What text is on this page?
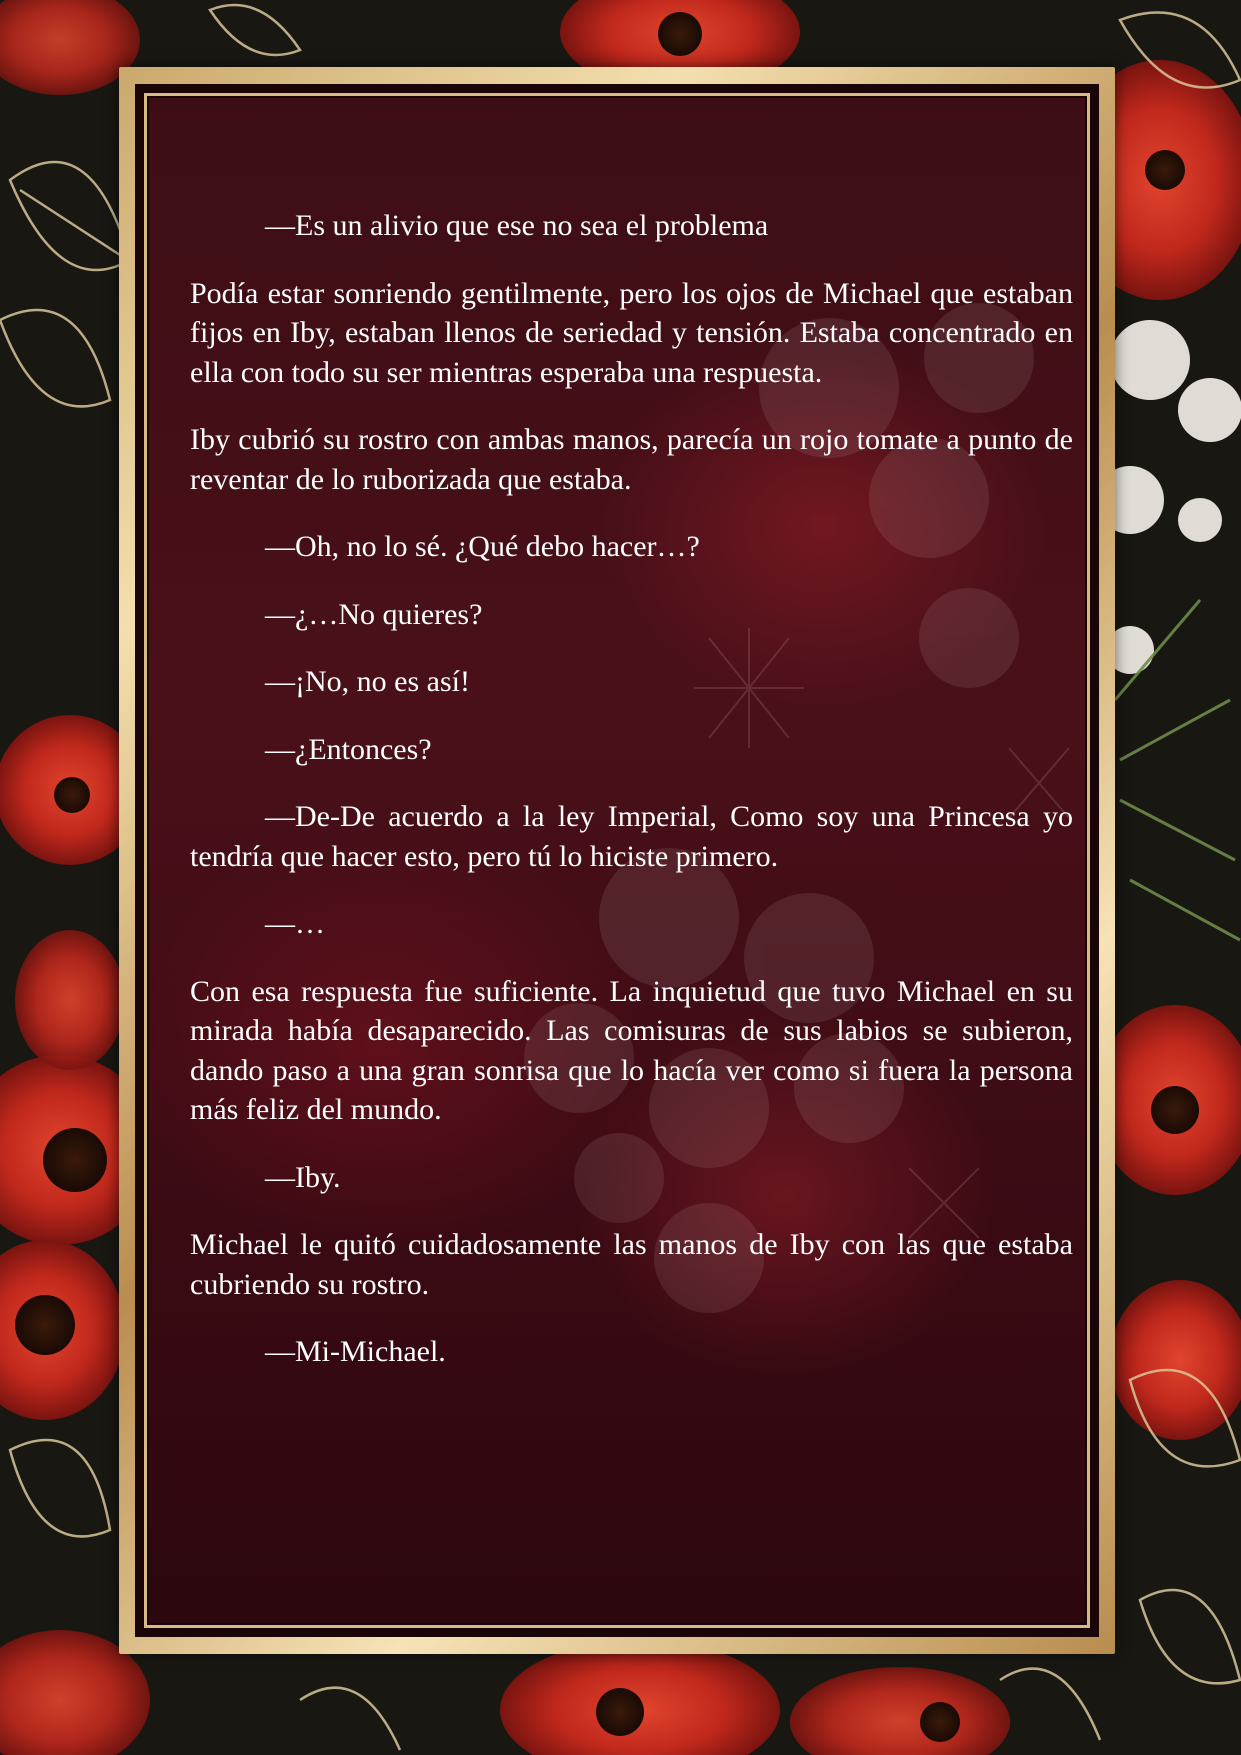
—Es un alivio que ese no sea el problema

Podía estar sonriendo gentilmente, pero los ojos de Michael que estaban fijos en Iby, estaban llenos de seriedad y tensión. Estaba concentrado en ella con todo su ser mientras esperaba una respuesta.

Iby cubrió su rostro con ambas manos, parecía un rojo tomate a punto de reventar de lo ruborizada que estaba.

—Oh, no lo sé. ¿Qué debo hacer…?

—¿…No quieres?

—¡No, no es así!

—¿Entonces?

—De-De acuerdo a la ley Imperial, Como soy una Princesa yo tendría que hacer esto, pero tú lo hiciste primero.

—…

Con esa respuesta fue suficiente. La inquietud que tuvo Michael en su mirada había desaparecido. Las comisuras de sus labios se subieron, dando paso a una gran sonrisa que lo hacía ver como si fuera la persona más feliz del mundo.

—Iby.

Michael le quitó cuidadosamente las manos de Iby con las que estaba cubriendo su rostro.

—Mi-Michael.
